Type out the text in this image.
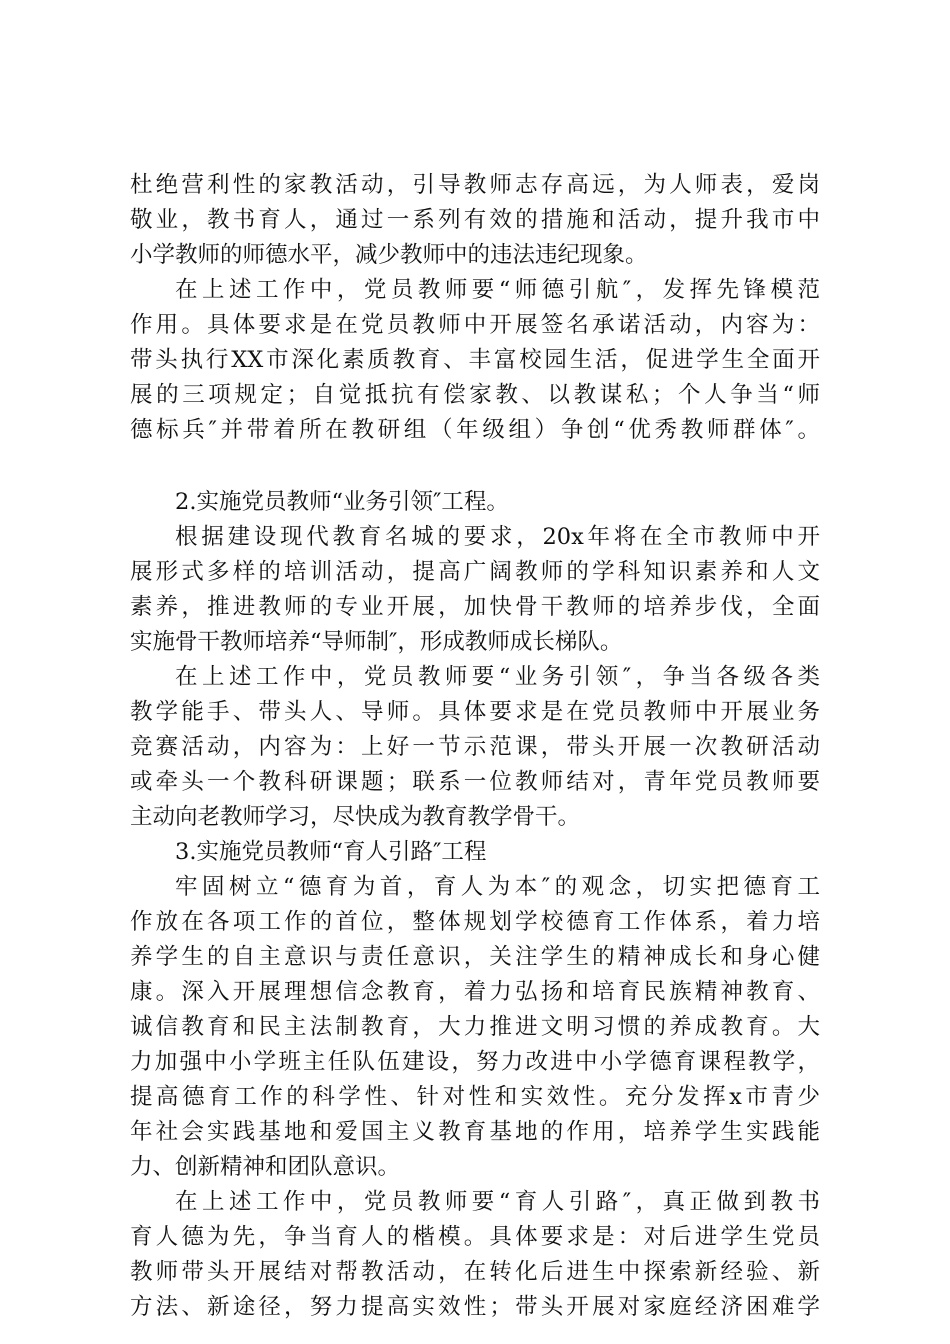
杜绝营利性的家教活动，引导教师志存高远，为人师表，爱岗
敬业，教书育人，通过一系列有效的措施和活动，提升我市中
小学教师的师德水平，减少教师中的违法违纪现象。
在上述工作中，党员教师要“师德引航″，发挥先锋模范
作用。具体要求是在党员教师中开展签名承诺活动，内容为：
带头执行XX市深化素质教育、丰富校园生活，促进学生全面开
展的三项规定；自觉抵抗有偿家教、以教谋私；个人争当“师
德标兵″并带着所在教研组（年级组）争创“优秀教师群体″。
2.实施党员教师“业务引领″工程。
根据建设现代教育名城的要求，20x年将在全市教师中开
展形式多样的培训活动，提高广阔教师的学科知识素养和人文
素养，推进教师的专业开展，加快骨干教师的培养步伐，全面
实施骨干教师培养“导师制″，形成教师成长梯队。
在上述工作中，党员教师要“业务引领″，争当各级各类
教学能手、带头人、导师。具体要求是在党员教师中开展业务
竞赛活动，内容为：上好一节示范课，带头开展一次教研活动
或牵头一个教科研课题；联系一位教师结对，青年党员教师要
主动向老教师学习，尽快成为教育教学骨干。
3.实施党员教师“育人引路″工程
牢固树立“德育为首，育人为本″的观念，切实把德育工
作放在各项工作的首位，整体规划学校德育工作体系，着力培
养学生的自主意识与责任意识，关注学生的精神成长和身心健
康。深入开展理想信念教育，着力弘扬和培育民族精神教育、
诚信教育和民主法制教育，大力推进文明习惯的养成教育。大
力加强中小学班主任队伍建设，努力改进中小学德育课程教学，
提高德育工作的科学性、针对性和实效性。充分发挥x市青少
年社会实践基地和爱国主义教育基地的作用，培养学生实践能
力、创新精神和团队意识。
在上述工作中，党员教师要“育人引路″，真正做到教书
育人德为先，争当育人的楷模。具体要求是：对后进学生党员
教师带头开展结对帮教活动，在转化后进生中探索新经验、新
方法、新途径，努力提高实效性；带头开展对家庭经济困难学
